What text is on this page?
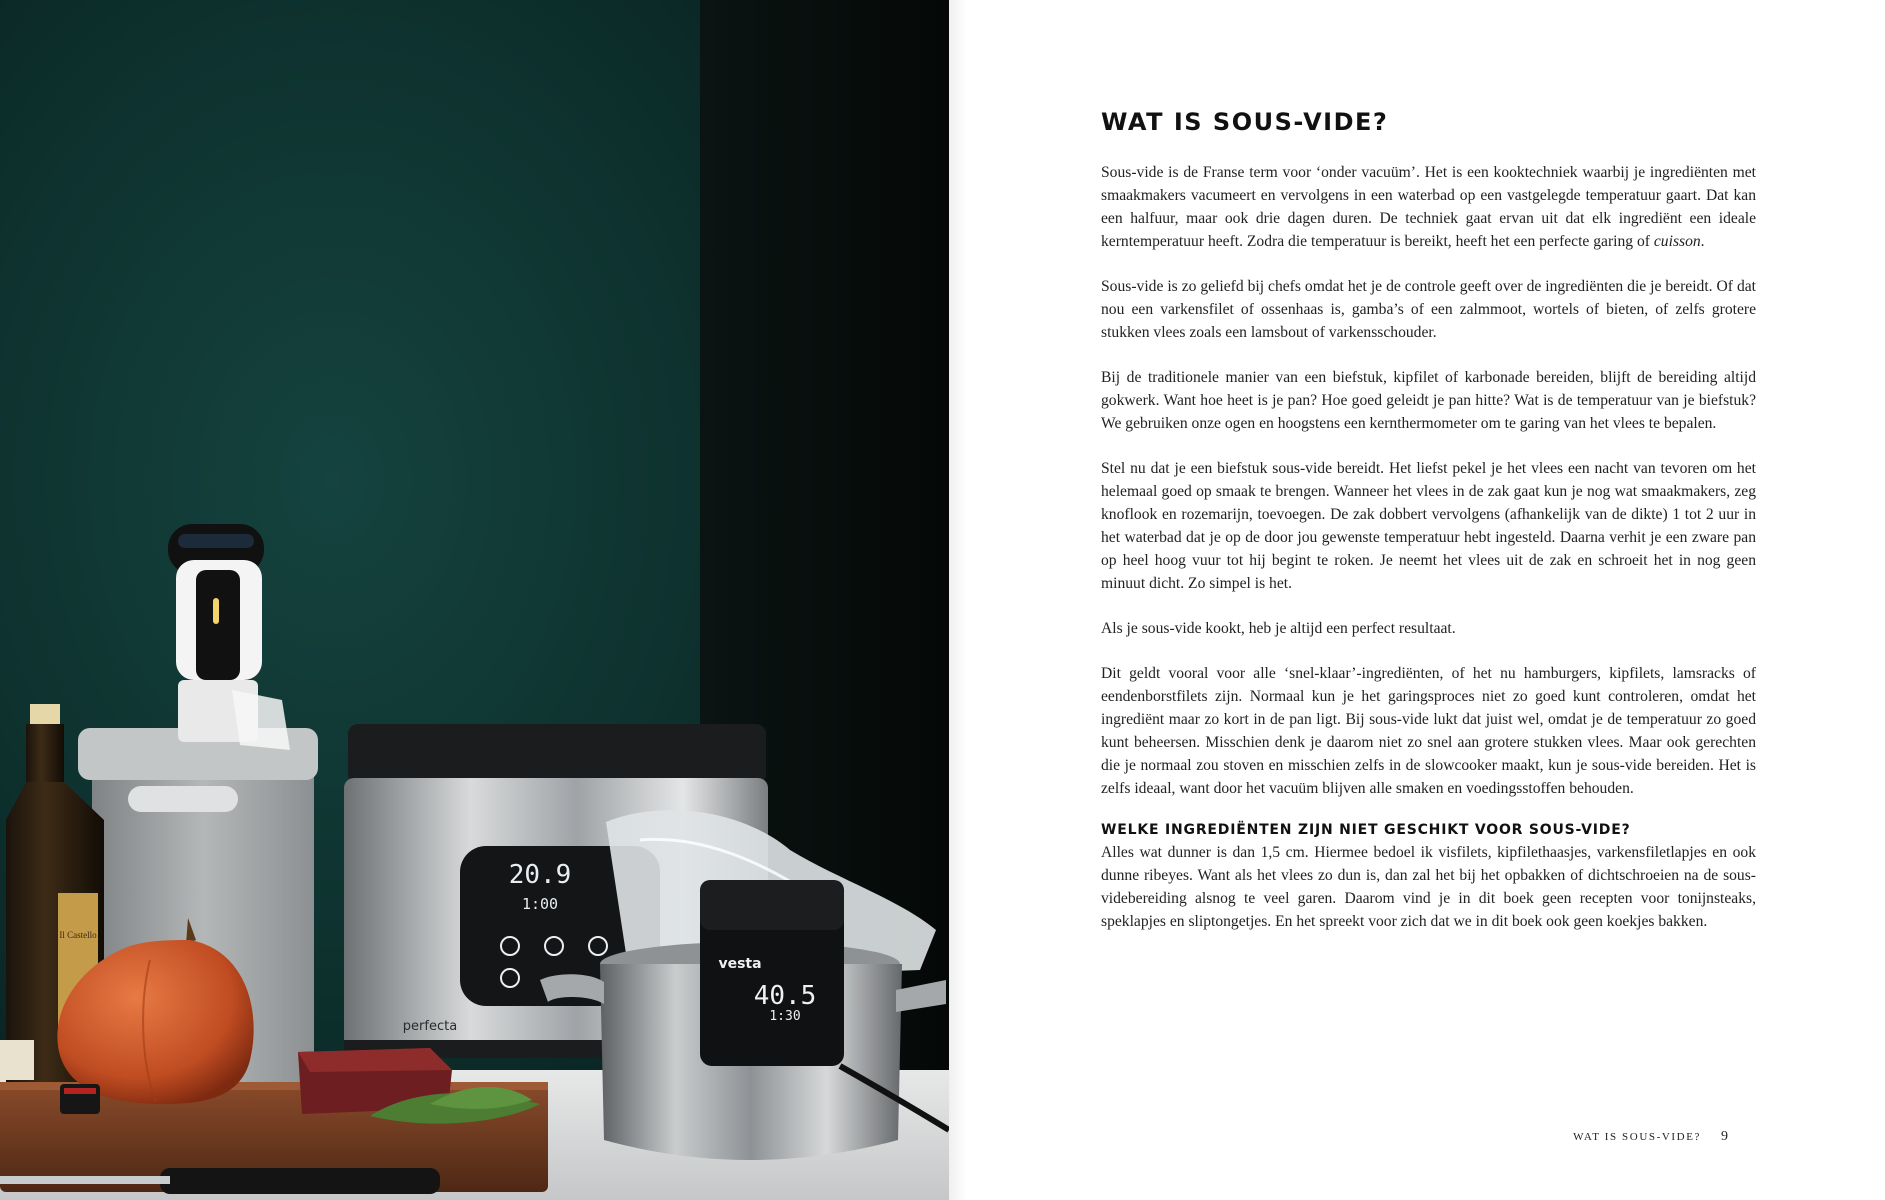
Il Castello
20.9
1:00
perfecta
vesta
40.5
1:30
WAT IS SOUS-VIDE?

Sous-vide is de Franse term voor ‘onder vacuüm’. Het is een kooktechniek waarbij je ingrediënten met smaakmakers vacumeert en vervolgens in een waterbad op een vastgelegde temperatuur gaart. Dat kan een halfuur, maar ook drie dagen duren. De techniek gaat ervan uit dat elk ingrediënt een ideale kerntemperatuur heeft. Zodra die temperatuur is bereikt, heeft het een perfecte garing of cuisson.

Sous-vide is zo geliefd bij chefs omdat het je de controle geeft over de ingrediënten die je bereidt. Of dat nou een varkensfilet of ossenhaas is, gamba’s of een zalmmoot, wortels of bieten, of zelfs grotere stukken vlees zoals een lamsbout of varkensschouder.

Bij de traditionele manier van een biefstuk, kipfilet of karbonade bereiden, blijft de bereiding altijd gokwerk. Want hoe heet is je pan? Hoe goed geleidt je pan hitte? Wat is de temperatuur van je biefstuk? We gebruiken onze ogen en hoogstens een kernthermometer om te garing van het vlees te bepalen.

Stel nu dat je een biefstuk sous-vide bereidt. Het liefst pekel je het vlees een nacht van tevoren om het helemaal goed op smaak te brengen. Wanneer het vlees in de zak gaat kun je nog wat smaakmakers, zeg knoflook en rozemarijn, toevoegen. De zak dobbert vervolgens (afhankelijk van de dikte) 1 tot 2 uur in het waterbad dat je op de door jou gewenste temperatuur hebt ingesteld. Daarna verhit je een zware pan op heel hoog vuur tot hij begint te roken. Je neemt het vlees uit de zak en schroeit het in nog geen minuut dicht. Zo simpel is het.

Als je sous-vide kookt, heb je altijd een perfect resultaat.

Dit geldt vooral voor alle ‘snel-klaar’-ingrediënten, of het nu hamburgers, kipfilets, lamsracks of eendenborstfilets zijn. Normaal kun je het garingsproces niet zo goed kunt controleren, omdat het ingrediënt maar zo kort in de pan ligt. Bij sous-vide lukt dat juist wel, omdat je de temperatuur zo goed kunt beheersen. Misschien denk je daarom niet zo snel aan grotere stukken vlees. Maar ook gerechten die je normaal zou stoven en misschien zelfs in de slowcooker maakt, kun je sous-vide bereiden. Het is zelfs ideaal, want door het vacuüm blijven alle smaken en voedingsstoffen behouden.

WELKE INGREDIËNTEN ZIJN NIET GESCHIKT VOOR SOUS-VIDE?

Alles wat dunner is dan 1,5 cm. Hiermee bedoel ik visfilets, kipfilethaasjes, varkensfiletlapjes en ook dunne ribeyes. Want als het vlees zo dun is, dan zal het bij het opbakken of dichtschroeien na de sous-videbereiding alsnog te veel garen. Daarom vind je in dit boek geen recepten voor tonijnsteaks, speklapjes en sliptongetjes. En het spreekt voor zich dat we in dit boek ook geen koekjes bakken.

WAT IS SOUS-VIDE? 9
